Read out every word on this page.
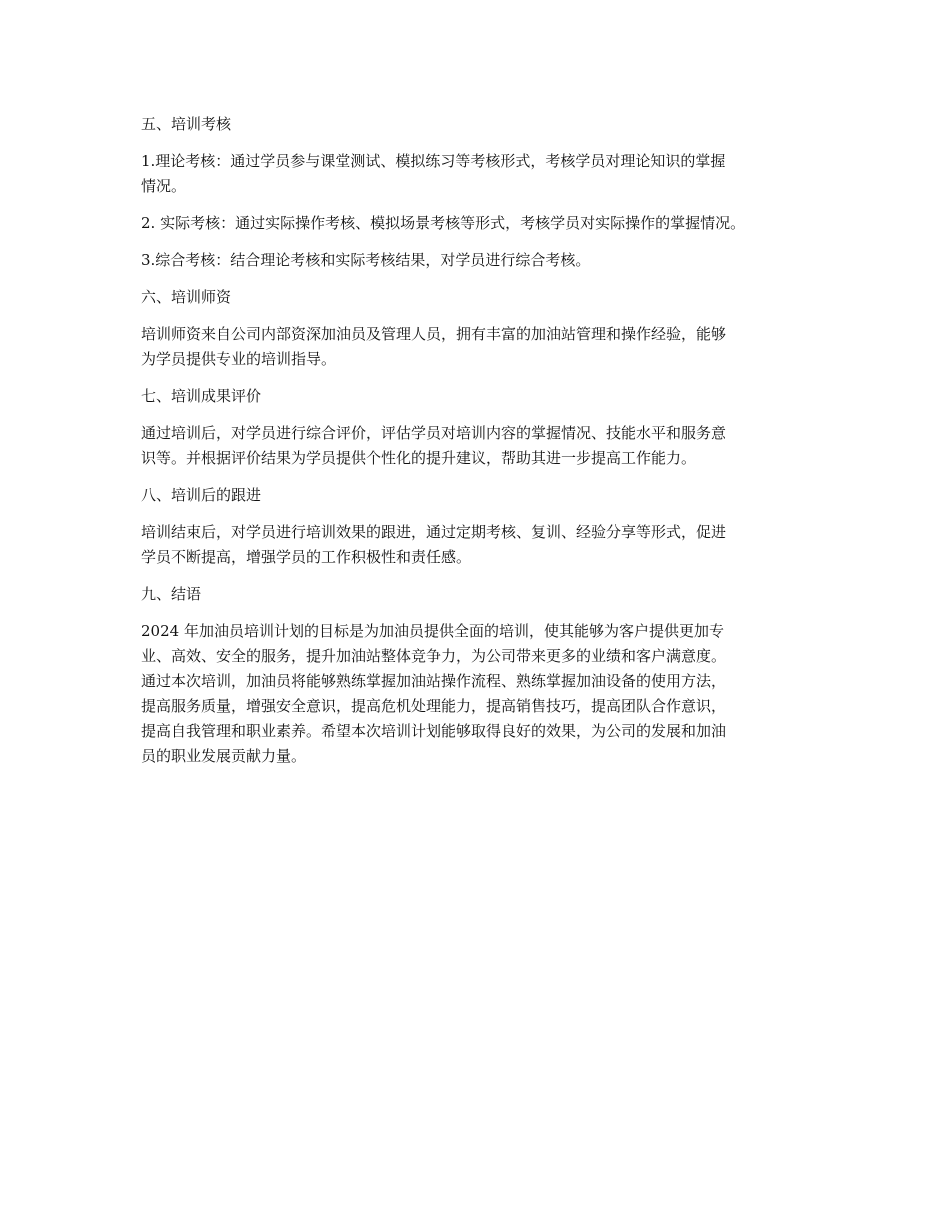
五、培训考核
1.理论考核：通过学员参与课堂测试、模拟练习等考核形式，考核学员对理论知识的掌握
情况。
2. 实际考核：通过实际操作考核、模拟场景考核等形式，考核学员对实际操作的掌握情况。
3.综合考核：结合理论考核和实际考核结果，对学员进行综合考核。
六、培训师资
培训师资来自公司内部资深加油员及管理人员，拥有丰富的加油站管理和操作经验，能够
为学员提供专业的培训指导。
七、培训成果评价
通过培训后，对学员进行综合评价，评估学员对培训内容的掌握情况、技能水平和服务意
识等。并根据评价结果为学员提供个性化的提升建议，帮助其进一步提高工作能力。
八、培训后的跟进
培训结束后，对学员进行培训效果的跟进，通过定期考核、复训、经验分享等形式，促进
学员不断提高，增强学员的工作积极性和责任感。
九、结语
2024 年加油员培训计划的目标是为加油员提供全面的培训，使其能够为客户提供更加专
业、高效、安全的服务，提升加油站整体竞争力，为公司带来更多的业绩和客户满意度。
通过本次培训，加油员将能够熟练掌握加油站操作流程、熟练掌握加油设备的使用方法，
提高服务质量，增强安全意识，提高危机处理能力，提高销售技巧，提高团队合作意识，
提高自我管理和职业素养。希望本次培训计划能够取得良好的效果，为公司的发展和加油
员的职业发展贡献力量。
